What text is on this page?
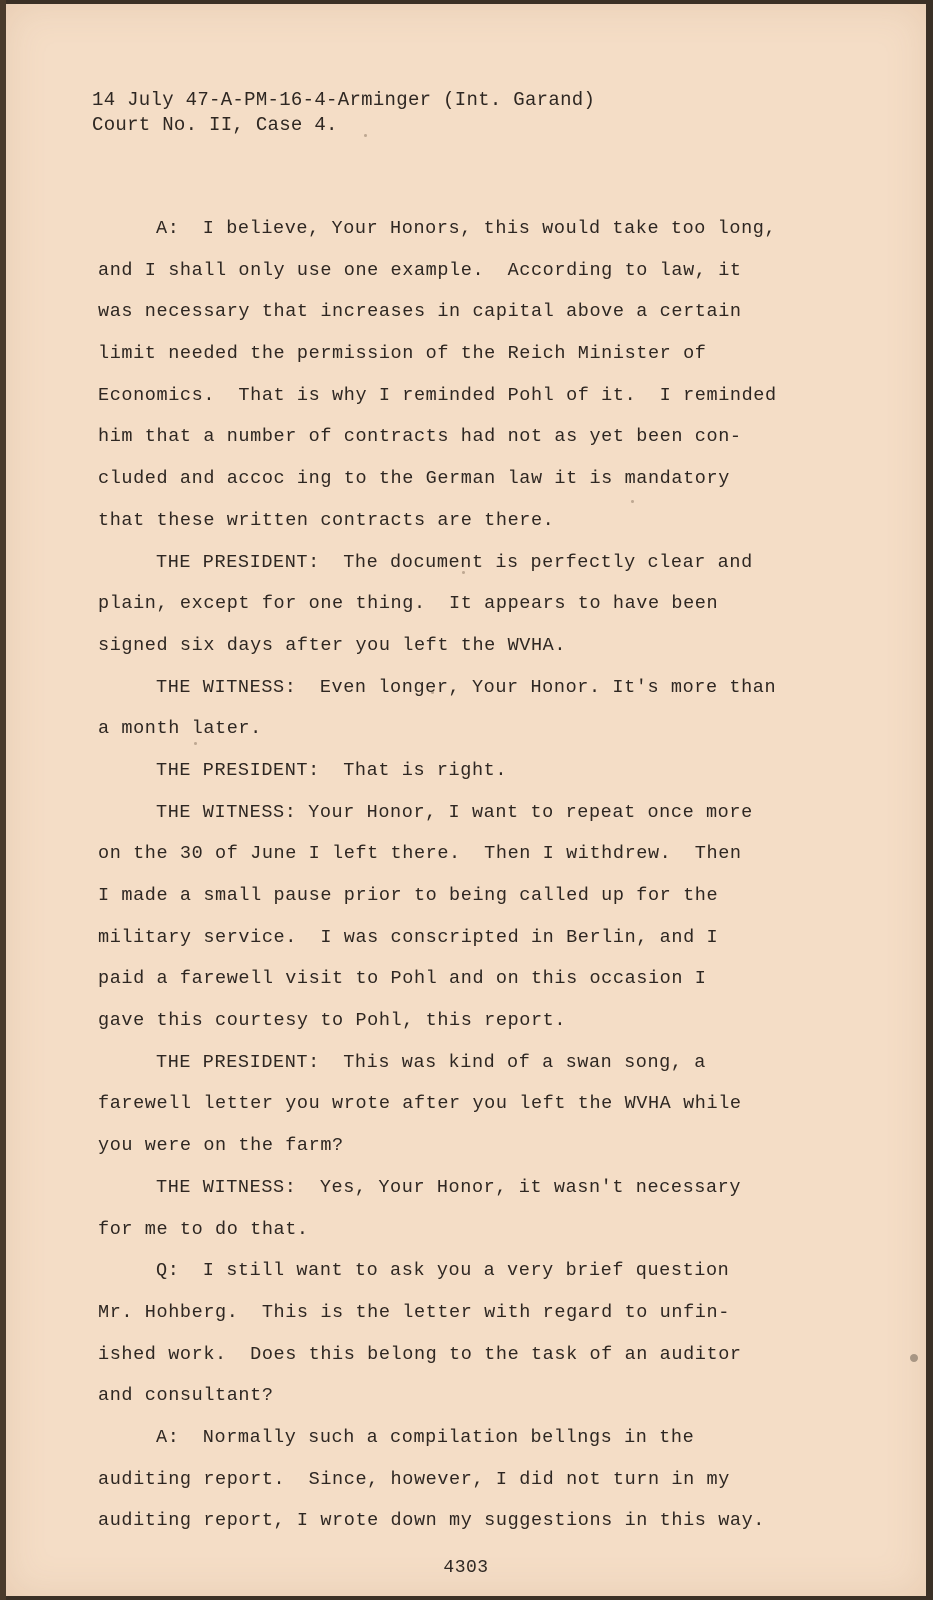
14 July 47-A-PM-16-4-Arminger (Int. Garand)
Court No. II, Case 4.
A:  I believe, Your Honors, this would take too long,
and I shall only use one example.  According to law, it
was necessary that increases in capital above a certain
limit needed the permission of the Reich Minister of
Economics.  That is why I reminded Pohl of it.  I reminded
him that a number of contracts had not as yet been con-
cluded and accoc ing to the German law it is mandatory
that these written contracts are there.
THE PRESIDENT:  The document is perfectly clear and
plain, except for one thing.  It appears to have been
signed six days after you left the WVHA.
THE WITNESS:  Even longer, Your Honor. It's more than
a month later.
THE PRESIDENT:  That is right.
THE WITNESS: Your Honor, I want to repeat once more
on the 30 of June I left there.  Then I withdrew.  Then
I made a small pause prior to being called up for the
military service.  I was conscripted in Berlin, and I
paid a farewell visit to Pohl and on this occasion I
gave this courtesy to Pohl, this report.
THE PRESIDENT:  This was kind of a swan song, a
farewell letter you wrote after you left the WVHA while
you were on the farm?
THE WITNESS:  Yes, Your Honor, it wasn't necessary
for me to do that.
Q:  I still want to ask you a very brief question
Mr. Hohberg.  This is the letter with regard to unfin-
ished work.  Does this belong to the task of an auditor
and consultant?
A:  Normally such a compilation bellngs in the
auditing report.  Since, however, I did not turn in my
auditing report, I wrote down my suggestions in this way.
4303
